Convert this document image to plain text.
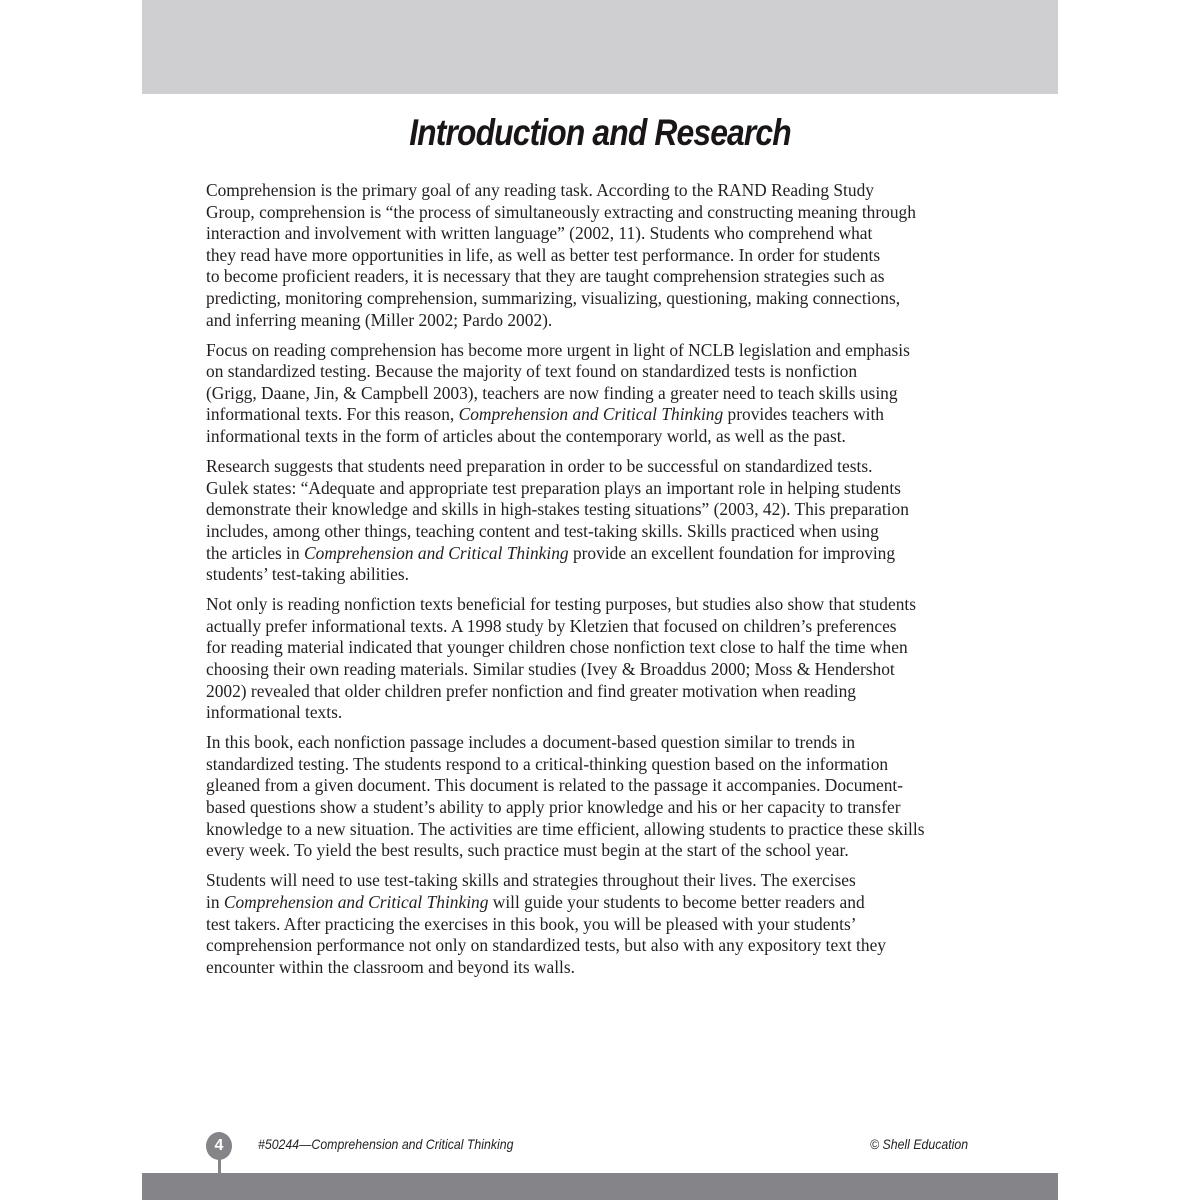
Introduction and Research
Comprehension is the primary goal of any reading task. According to the RAND Reading Study
Group, comprehension is “the process of simultaneously extracting and constructing meaning through
interaction and involvement with written language” (2002, 11). Students who comprehend what
they read have more opportunities in life, as well as better test performance. In order for students
to become proficient readers, it is necessary that they are taught comprehension strategies such as
predicting, monitoring comprehension, summarizing, visualizing, questioning, making connections,
and inferring meaning (Miller 2002; Pardo 2002).
Focus on reading comprehension has become more urgent in light of NCLB legislation and emphasis
on standardized testing. Because the majority of text found on standardized tests is nonfiction
(Grigg, Daane, Jin, & Campbell 2003), teachers are now finding a greater need to teach skills using
informational texts. For this reason, Comprehension and Critical Thinking provides teachers with
informational texts in the form of articles about the contemporary world, as well as the past.
Research suggests that students need preparation in order to be successful on standardized tests.
Gulek states: “Adequate and appropriate test preparation plays an important role in helping students
demonstrate their knowledge and skills in high-stakes testing situations” (2003, 42). This preparation
includes, among other things, teaching content and test-taking skills. Skills practiced when using
the articles in Comprehension and Critical Thinking provide an excellent foundation for improving
students’ test-taking abilities.
Not only is reading nonfiction texts beneficial for testing purposes, but studies also show that students
actually prefer informational texts. A 1998 study by Kletzien that focused on children’s preferences
for reading material indicated that younger children chose nonfiction text close to half the time when
choosing their own reading materials. Similar studies (Ivey & Broaddus 2000; Moss & Hendershot
2002) revealed that older children prefer nonfiction and find greater motivation when reading
informational texts.
In this book, each nonfiction passage includes a document-based question similar to trends in
standardized testing. The students respond to a critical-thinking question based on the information
gleaned from a given document. This document is related to the passage it accompanies. Document-
based questions show a student’s ability to apply prior knowledge and his or her capacity to transfer
knowledge to a new situation. The activities are time efficient, allowing students to practice these skills
every week. To yield the best results, such practice must begin at the start of the school year.
Students will need to use test-taking skills and strategies throughout their lives. The exercises
in Comprehension and Critical Thinking will guide your students to become better readers and
test takers. After practicing the exercises in this book, you will be pleased with your students’
comprehension performance not only on standardized tests, but also with any expository text they
encounter within the classroom and beyond its walls.
4	#50244—Comprehension and Critical Thinking	© Shell Education
